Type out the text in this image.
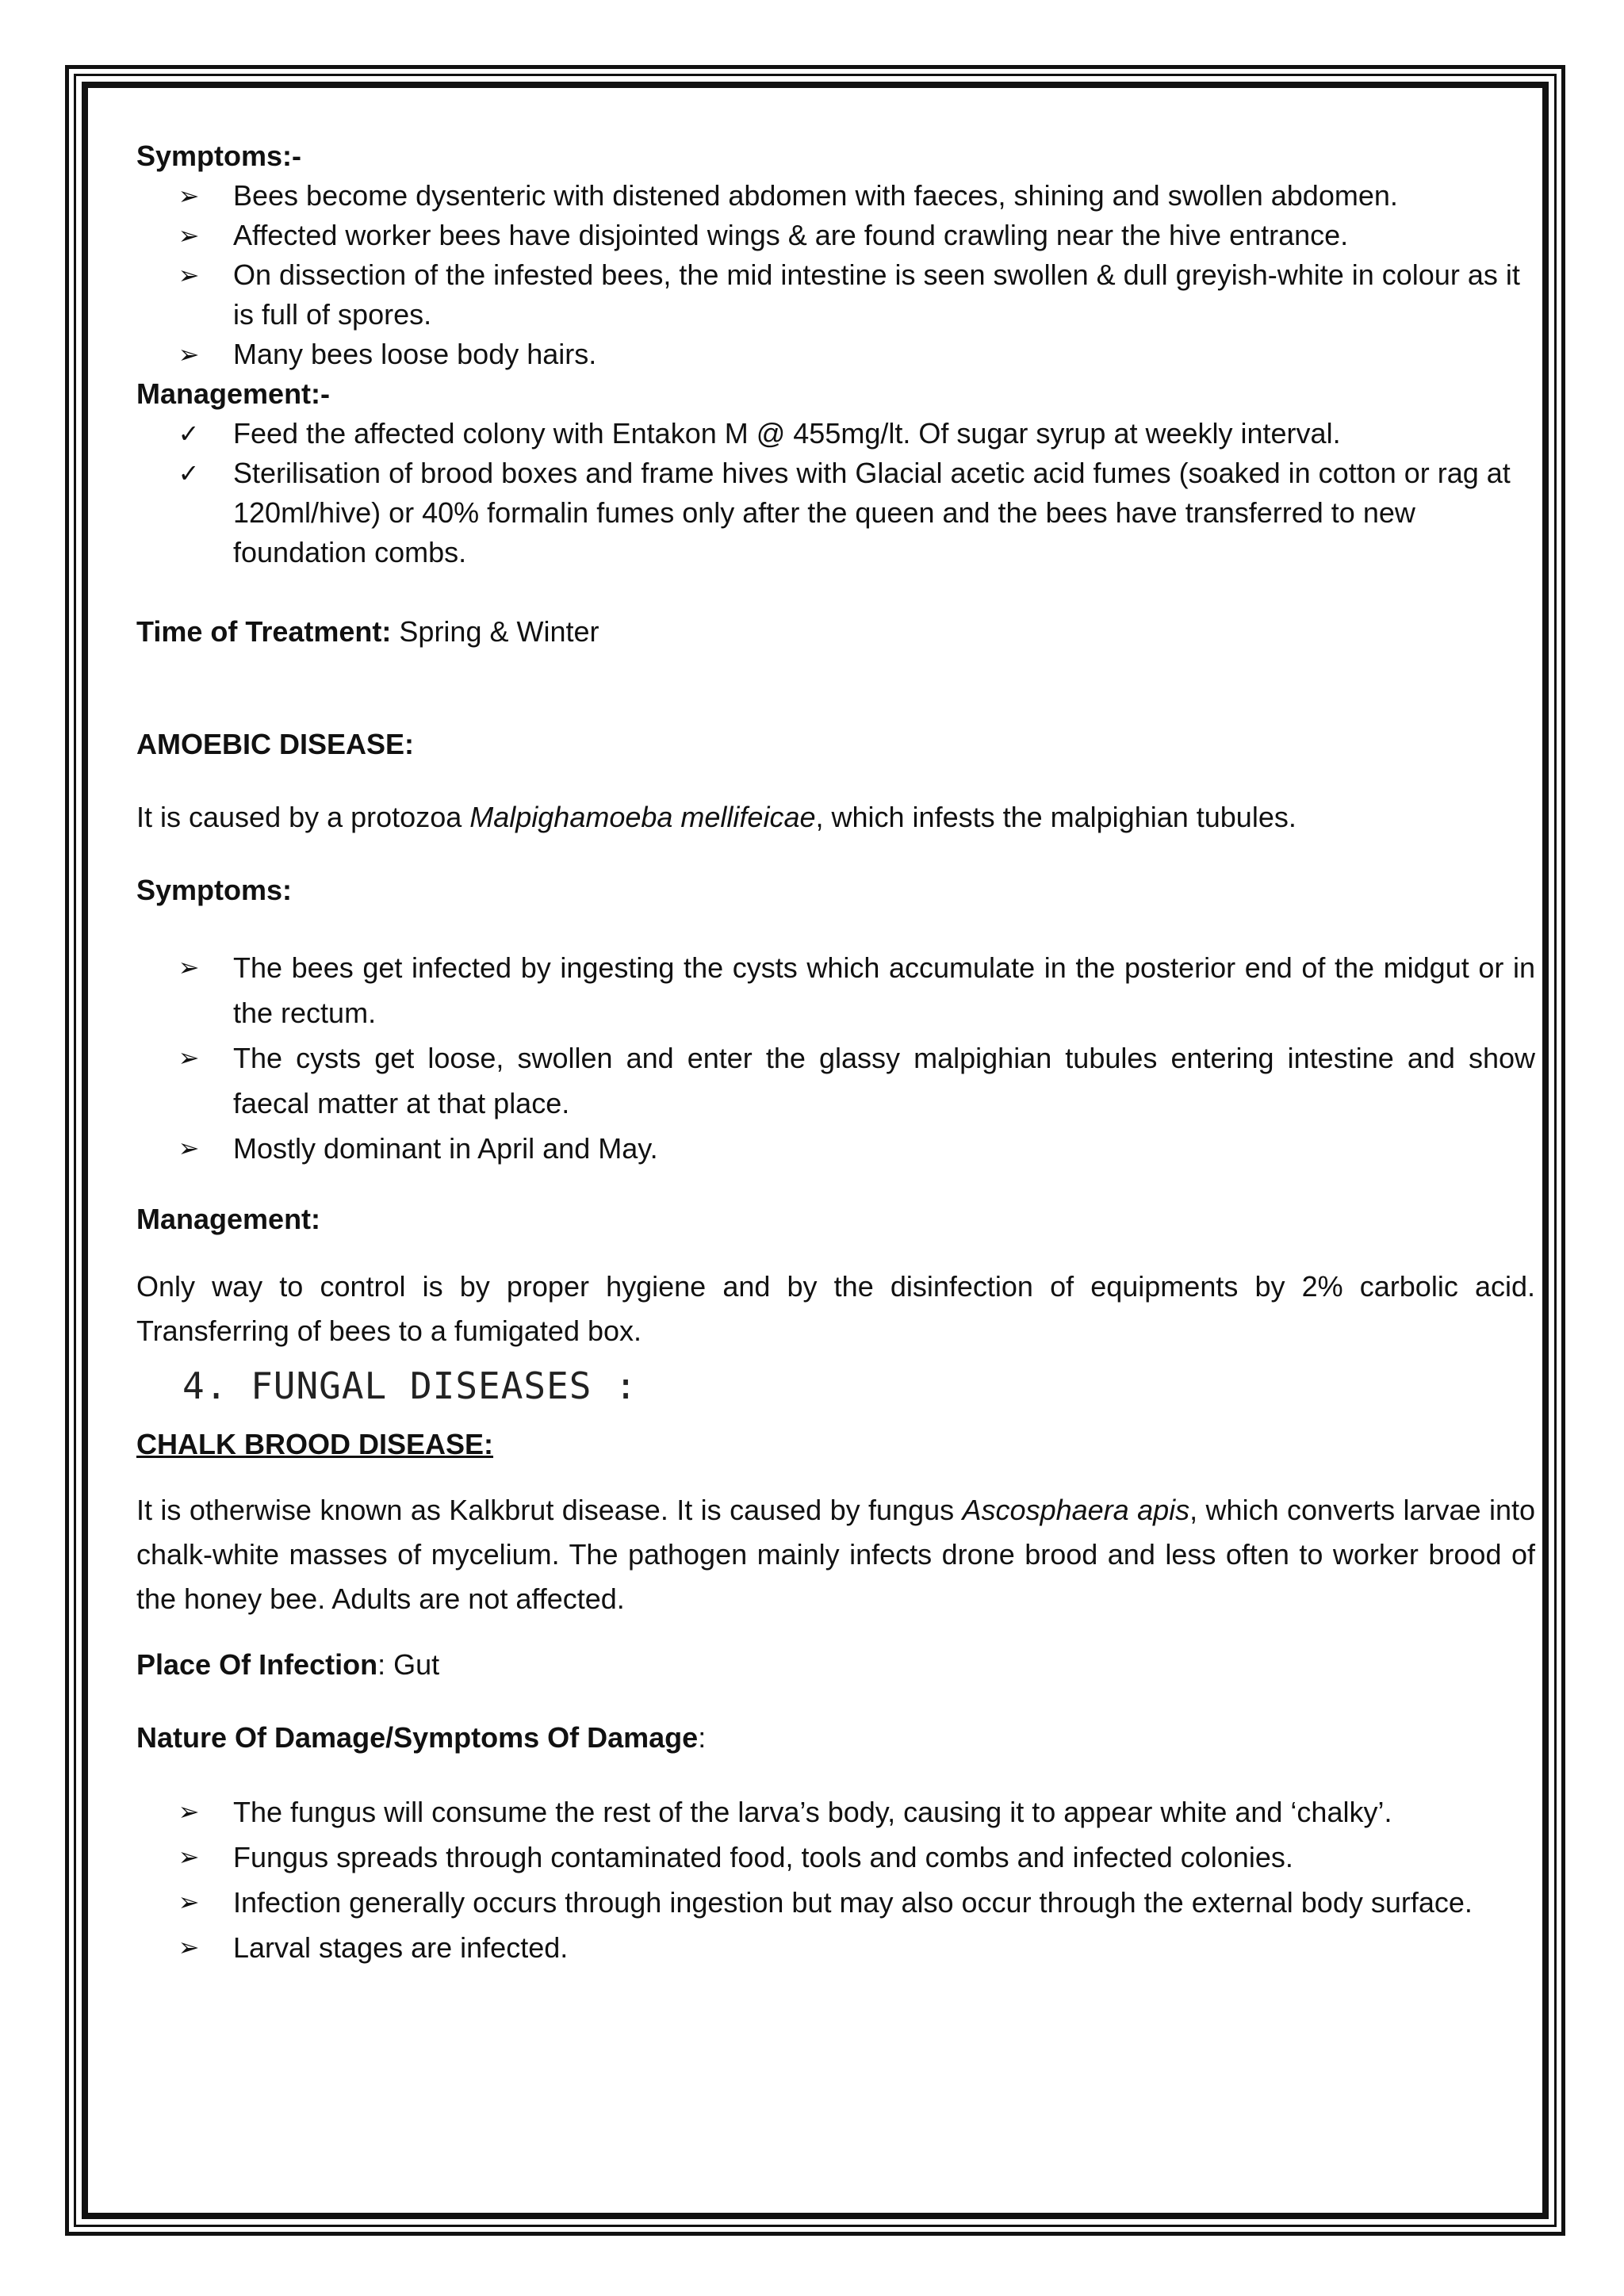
Symptoms:-
➢ Bees become dysenteric with distened abdomen with faeces, shining and swollen abdomen.
➢ Affected worker bees have disjointed wings & are found crawling near the hive entrance.
➢ On dissection of the infested bees, the mid intestine is seen swollen & dull greyish-white in colour as it is full of spores.
➢ Many bees loose body hairs.
Management:-
✓ Feed the affected colony with Entakon M @ 455mg/lt. Of sugar syrup at weekly interval.
✓ Sterilisation of brood boxes and frame hives with Glacial acetic acid fumes (soaked in cotton or rag at 120ml/hive) or 40% formalin fumes only after the queen and the bees have transferred to new foundation combs.
Time of Treatment: Spring & Winter
AMOEBIC DISEASE:
It is caused by a protozoa Malpighamoeba mellifeicae, which infests the malpighian tubules.
Symptoms:
➢ The bees get infected by ingesting the cysts which accumulate in the posterior end of the midgut or in the rectum.
➢ The cysts get loose, swollen and enter the glassy malpighian tubules entering intestine and show faecal matter at that place.
➢ Mostly dominant in April and May.
Management:
Only way to control is by proper hygiene and by the disinfection of equipments by 2% carbolic acid. Transferring of bees to a fumigated box.
4. FUNGAL DISEASES :
CHALK BROOD DISEASE:
It is otherwise known as Kalkbrut disease. It is caused by fungus Ascosphaera apis, which converts larvae into chalk-white masses of mycelium. The pathogen mainly infects drone brood and less often to worker brood of the honey bee. Adults are not affected.
Place Of Infection: Gut
Nature Of Damage/Symptoms Of Damage:
➢ The fungus will consume the rest of the larva’s body, causing it to appear white and ‘chalky’.
➢ Fungus spreads through contaminated food, tools and combs and infected colonies.
➢ Infection generally occurs through ingestion but may also occur through the external body surface.
➢ Larval stages are infected.
